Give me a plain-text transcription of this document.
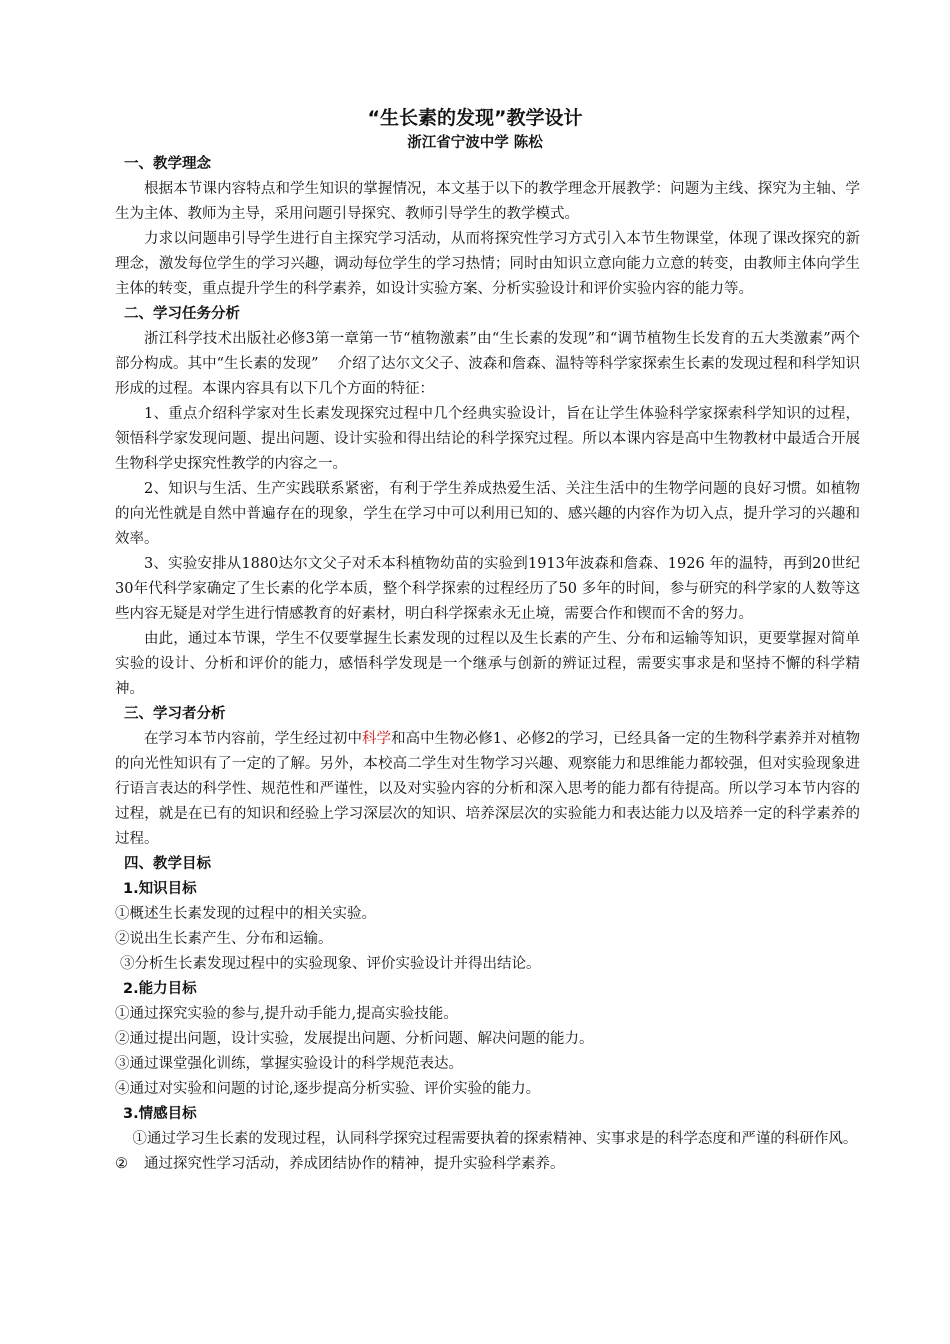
“生长素的发现”教学设计
浙江省宁波中学 陈松
一、教学理念
根据本节课内容特点和学生知识的掌握情况，本文基于以下的教学理念开展教学：问题为主线、探究为主轴、学生为主体、教师为主导，采用问题引导探究、教师引导学生的教学模式。
力求以问题串引导学生进行自主探究学习活动，从而将探究性学习方式引入本节生物课堂，体现了课改探究的新理念，激发每位学生的学习兴趣，调动每位学生的学习热情；同时由知识立意向能力立意的转变，由教师主体向学生主体的转变，重点提升学生的科学素养，如设计实验方案、分析实验设计和评价实验内容的能力等。
二、学习任务分析
浙江科学技术出版社必修3第一章第一节“植物激素”由“生长素的发现”和“调节植物生长发育的五大类激素”两个部分构成。其中“生长素的发现”　 介绍了达尔文父子、波森和詹森、温特等科学家探索生长素的发现过程和科学知识形成的过程。本课内容具有以下几个方面的特征：
1、重点介绍科学家对生长素发现探究过程中几个经典实验设计，旨在让学生体验科学家探索科学知识的过程，领悟科学家发现问题、提出问题、设计实验和得出结论的科学探究过程。所以本课内容是高中生物教材中最适合开展生物科学史探究性教学的内容之一。
2、知识与生活、生产实践联系紧密，有利于学生养成热爱生活、关注生活中的生物学问题的良好习惯。如植物的向光性就是自然中普遍存在的现象，学生在学习中可以利用已知的、感兴趣的内容作为切入点，提升学习的兴趣和效率。
3、实验安排从1880达尔文父子对禾本科植物幼苗的实验到1913年波森和詹森、1926 年的温特，再到20世纪30年代科学家确定了生长素的化学本质，整个科学探索的过程经历了50 多年的时间，参与研究的科学家的人数等这些内容无疑是对学生进行情感教育的好素材，明白科学探索永无止境，需要合作和锲而不舍的努力。
由此，通过本节课，学生不仅要掌握生长素发现的过程以及生长素的产生、分布和运输等知识，更要掌握对简单实验的设计、分析和评价的能力，感悟科学发现是一个继承与创新的辨证过程，需要实事求是和坚持不懈的科学精神。
三、学习者分析
在学习本节内容前，学生经过初中科学和高中生物必修1、必修2的学习，已经具备一定的生物科学素养并对植物的向光性知识有了一定的了解。另外，本校高二学生对生物学习兴趣、观察能力和思维能力都较强，但对实验现象进行语言表达的科学性、规范性和严谨性，以及对实验内容的分析和深入思考的能力都有待提高。所以学习本节内容的过程，就是在已有的知识和经验上学习深层次的知识、培养深层次的实验能力和表达能力以及培养一定的科学素养的过程。
四、教学目标
1.知识目标
①概述生长素发现的过程中的相关实验。
②说出生长素产生、分布和运输。
③分析生长素发现过程中的实验现象、评价实验设计并得出结论。
2.能力目标
①通过探究实验的参与,提升动手能力,提高实验技能。
②通过提出问题，设计实验，发展提出问题、分析问题、解决问题的能力。
③通过课堂强化训练，掌握实验设计的科学规范表达。
④通过对实验和问题的讨论,逐步提高分析实验、评价实验的能力。
3.情感目标
①通过学习生长素的发现过程，认同科学探究过程需要执着的探索精神、实事求是的科学态度和严谨的科研作风。
② 通过探究性学习活动，养成团结协作的精神，提升实验科学素养。
